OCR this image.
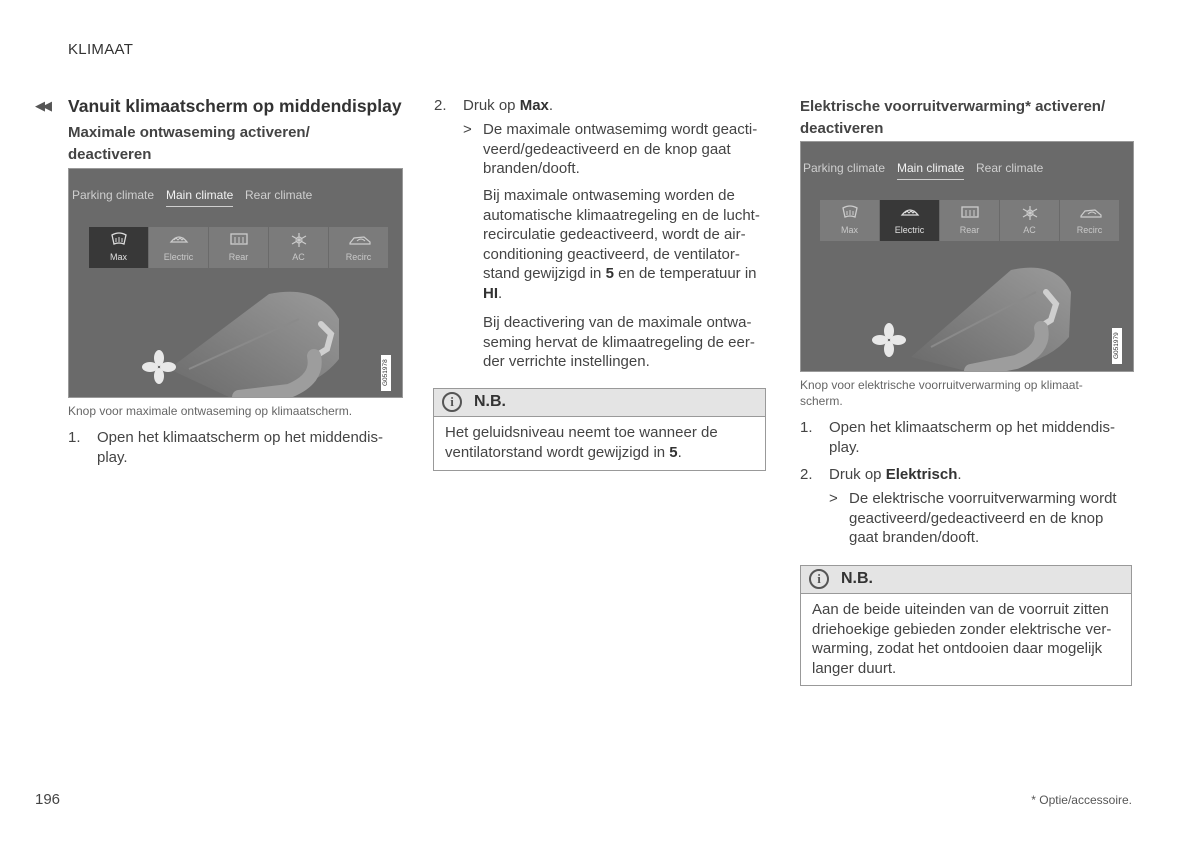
KLIMAAT
◀◀ Vanuit klimaatscherm op middendisplay
Maximale ontwaseming activeren/
deactiveren
Parking climate Main climate Rear climate
Max	Electric	Rear	AC	Recirc
G051978
Knop voor maximale ontwaseming op klimaatscherm.
1. Open het klimaatscherm op het middendis-
play.
2.	Druk op Max.
> De maximale ontwasemimg wordt geacti-
veerd/gedeactiveerd en de knop gaat
branden/dooft.
Bij maximale ontwaseming worden de
automatische klimaatregeling en de lucht-
recirculatie gedeactiveerd, wordt de air-
conditioning geactiveerd, de ventilator-
stand gewijzigd in 5 en de temperatuur in
HI.
Bij deactivering van de maximale ontwa-
seming hervat de klimaatregeling de eer-
der verrichte instellingen.
i	N.B.
Het geluidsniveau neemt toe wanneer de
ventilatorstand wordt gewijzigd in 5.
Elektrische voorruitverwarming* activeren/
deactiveren
Parking climate Main climate Rear climate
Max	Electric	Rear	AC	Recirc
G051979
Knop voor elektrische voorruitverwarming op klimaat-
scherm.
1. Open het klimaatscherm op het middendis-
play.
2.	Druk op Elektrisch.
> De elektrische voorruitverwarming wordt
geactiveerd/gedeactiveerd en de knop
gaat branden/dooft.
i	N.B.
Aan de beide uiteinden van de voorruit zitten
driehoekige gebieden zonder elektrische ver-
warming, zodat het ontdooien daar mogelijk
langer duurt.
196	* Optie/accessoire.
